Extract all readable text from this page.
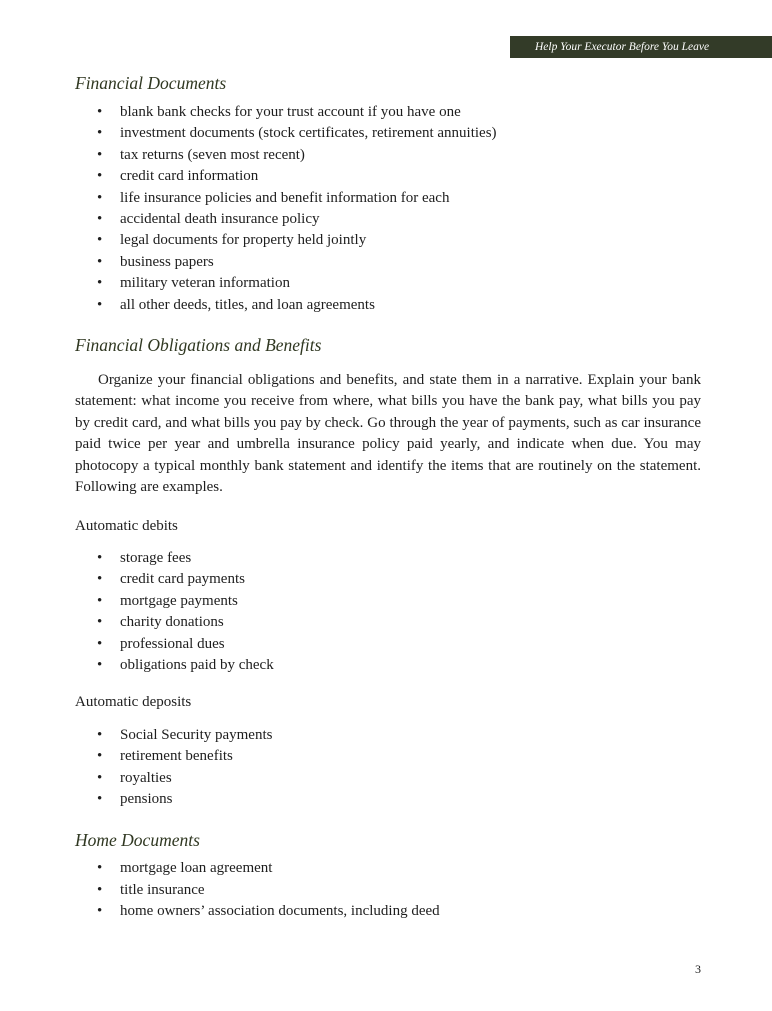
Help Your Executor Before You Leave
Financial Documents
• blank bank checks for your trust account if you have one
• investment documents (stock certificates, retirement annuities)
• tax returns (seven most recent)
• credit card information
• life insurance policies and benefit information for each
• accidental death insurance policy
• legal documents for property held jointly
• business papers
• military veteran information
• all other deeds, titles, and loan agreements
Financial Obligations and Benefits

Organize your financial obligations and benefits, and state them in a narrative. Explain your bank statement: what income you receive from where, what bills you have the bank pay, what bills you pay by credit card, and what bills you pay by check. Go through the year of payments, such as car insurance paid twice per year and umbrella insurance policy paid yearly, and indicate when due. You may photocopy a typical monthly bank statement and identify the items that are routinely on the statement. Following are examples.

Automatic debits

• storage fees
• credit card payments
• mortgage payments
• charity donations
• professional dues
• obligations paid by check

Automatic deposits

• Social Security payments
• retirement benefits
• royalties
• pensions
Home Documents
• mortgage loan agreement
• title insurance
• home owners’ association documents, including deed
3
